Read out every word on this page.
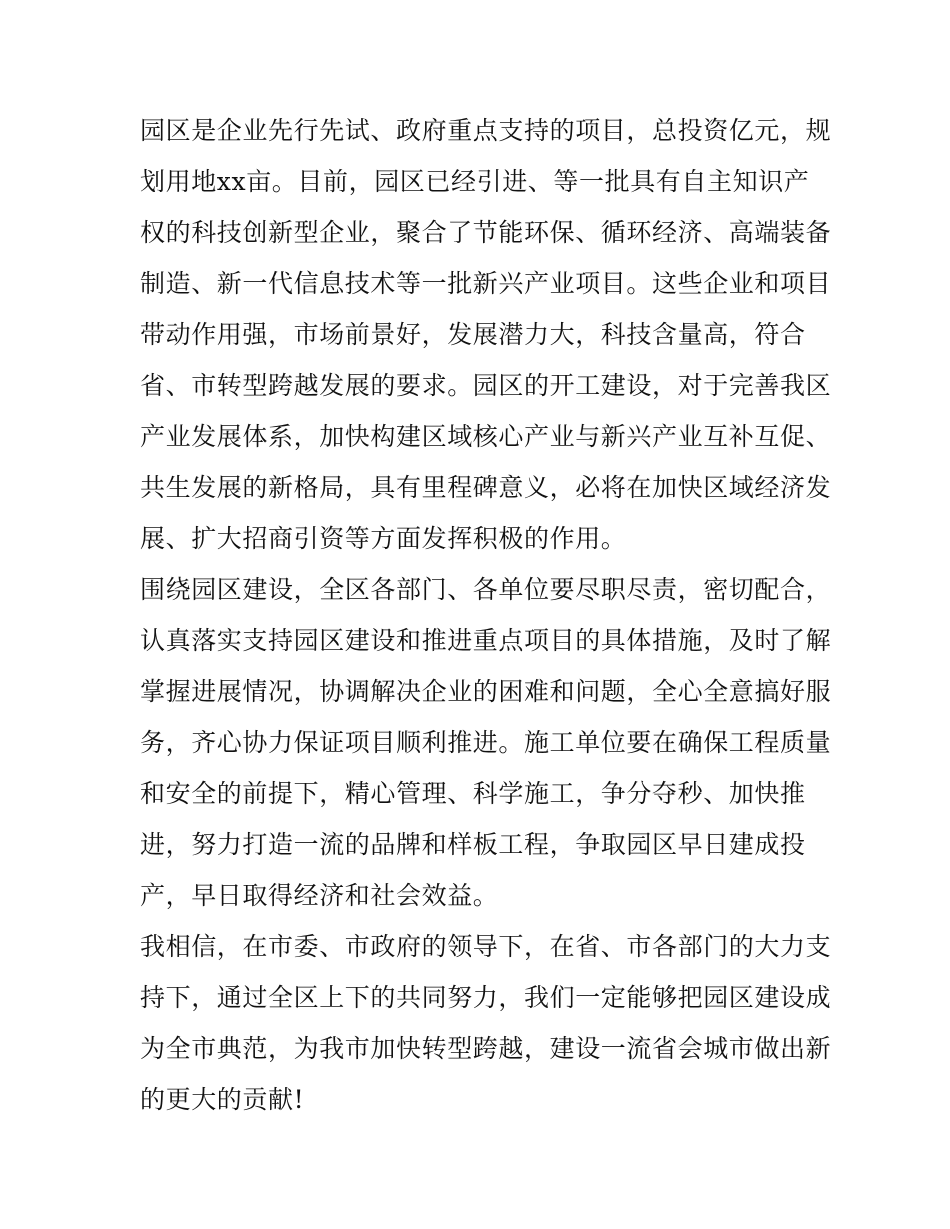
园区是企业先行先试、政府重点支持的项目，总投资亿元，规
划用地xx亩。目前，园区已经引进、等一批具有自主知识产
权的科技创新型企业，聚合了节能环保、循环经济、高端装备
制造、新一代信息技术等一批新兴产业项目。这些企业和项目
带动作用强，市场前景好，发展潜力大，科技含量高，符合
省、市转型跨越发展的要求。园区的开工建设，对于完善我区
产业发展体系，加快构建区域核心产业与新兴产业互补互促、
共生发展的新格局，具有里程碑意义，必将在加快区域经济发
展、扩大招商引资等方面发挥积极的作用。
围绕园区建设，全区各部门、各单位要尽职尽责，密切配合，
认真落实支持园区建设和推进重点项目的具体措施，及时了解
掌握进展情况，协调解决企业的困难和问题，全心全意搞好服
务，齐心协力保证项目顺利推进。施工单位要在确保工程质量
和安全的前提下，精心管理、科学施工，争分夺秒、加快推
进，努力打造一流的品牌和样板工程，争取园区早日建成投
产，早日取得经济和社会效益。
我相信，在市委、市政府的领导下，在省、市各部门的大力支
持下，通过全区上下的共同努力，我们一定能够把园区建设成
为全市典范，为我市加快转型跨越，建设一流省会城市做出新
的更大的贡献!
